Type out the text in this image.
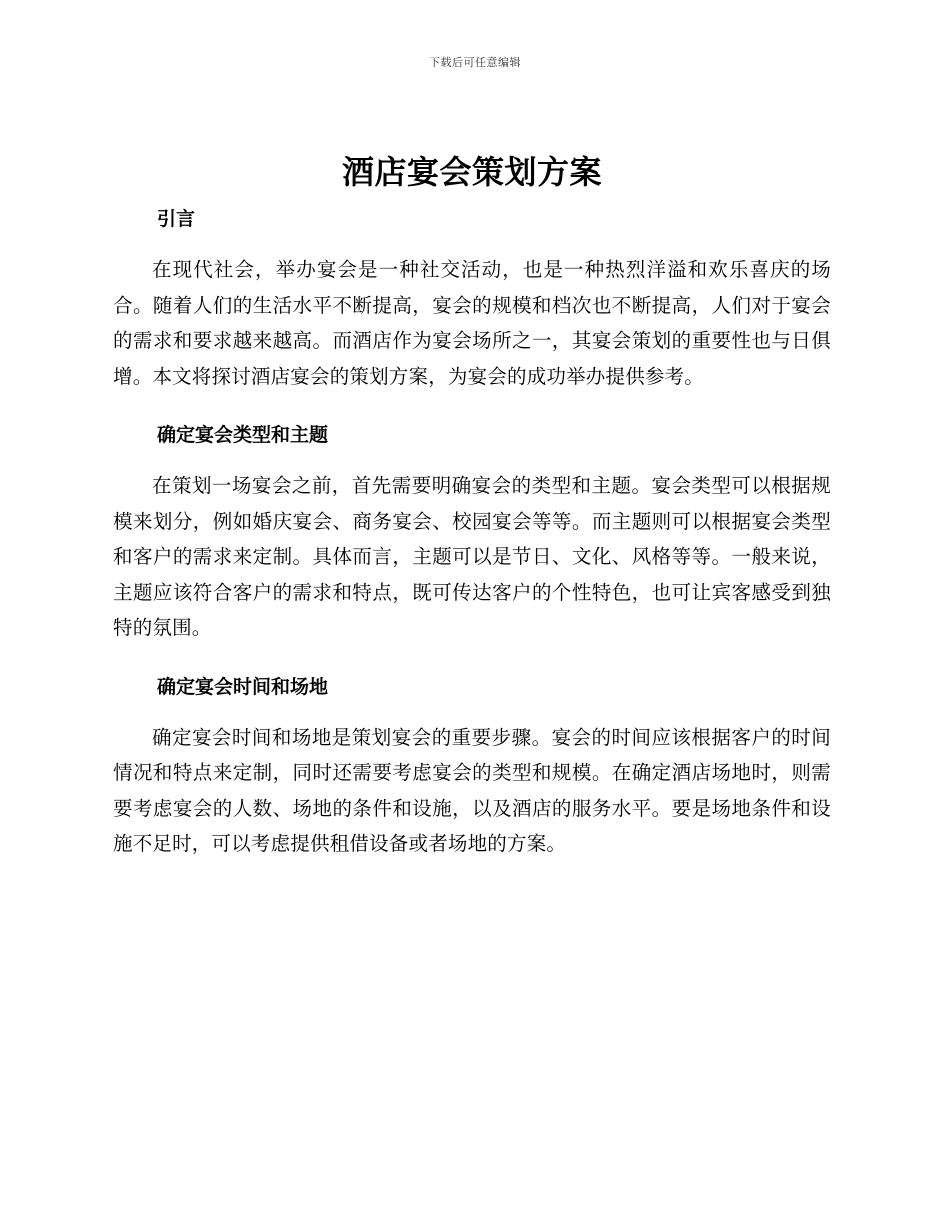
下载后可任意编辑
酒店宴会策划方案
引言

在现代社会，举办宴会是一种社交活动，也是一种热烈洋溢和欢乐喜庆的场合。随着人们的生活水平不断提高，宴会的规模和档次也不断提高，人们对于宴会的需求和要求越来越高。而酒店作为宴会场所之一，其宴会策划的重要性也与日俱增。本文将探讨酒店宴会的策划方案，为宴会的成功举办提供参考。

确定宴会类型和主题

在策划一场宴会之前，首先需要明确宴会的类型和主题。宴会类型可以根据规模来划分，例如婚庆宴会、商务宴会、校园宴会等等。而主题则可以根据宴会类型和客户的需求来定制。具体而言，主题可以是节日、文化、风格等等。一般来说，主题应该符合客户的需求和特点，既可传达客户的个性特色，也可让宾客感受到独特的氛围。

确定宴会时间和场地

确定宴会时间和场地是策划宴会的重要步骤。宴会的时间应该根据客户的时间情况和特点来定制，同时还需要考虑宴会的类型和规模。在确定酒店场地时，则需要考虑宴会的人数、场地的条件和设施，以及酒店的服务水平。要是场地条件和设施不足时，可以考虑提供租借设备或者场地的方案。
